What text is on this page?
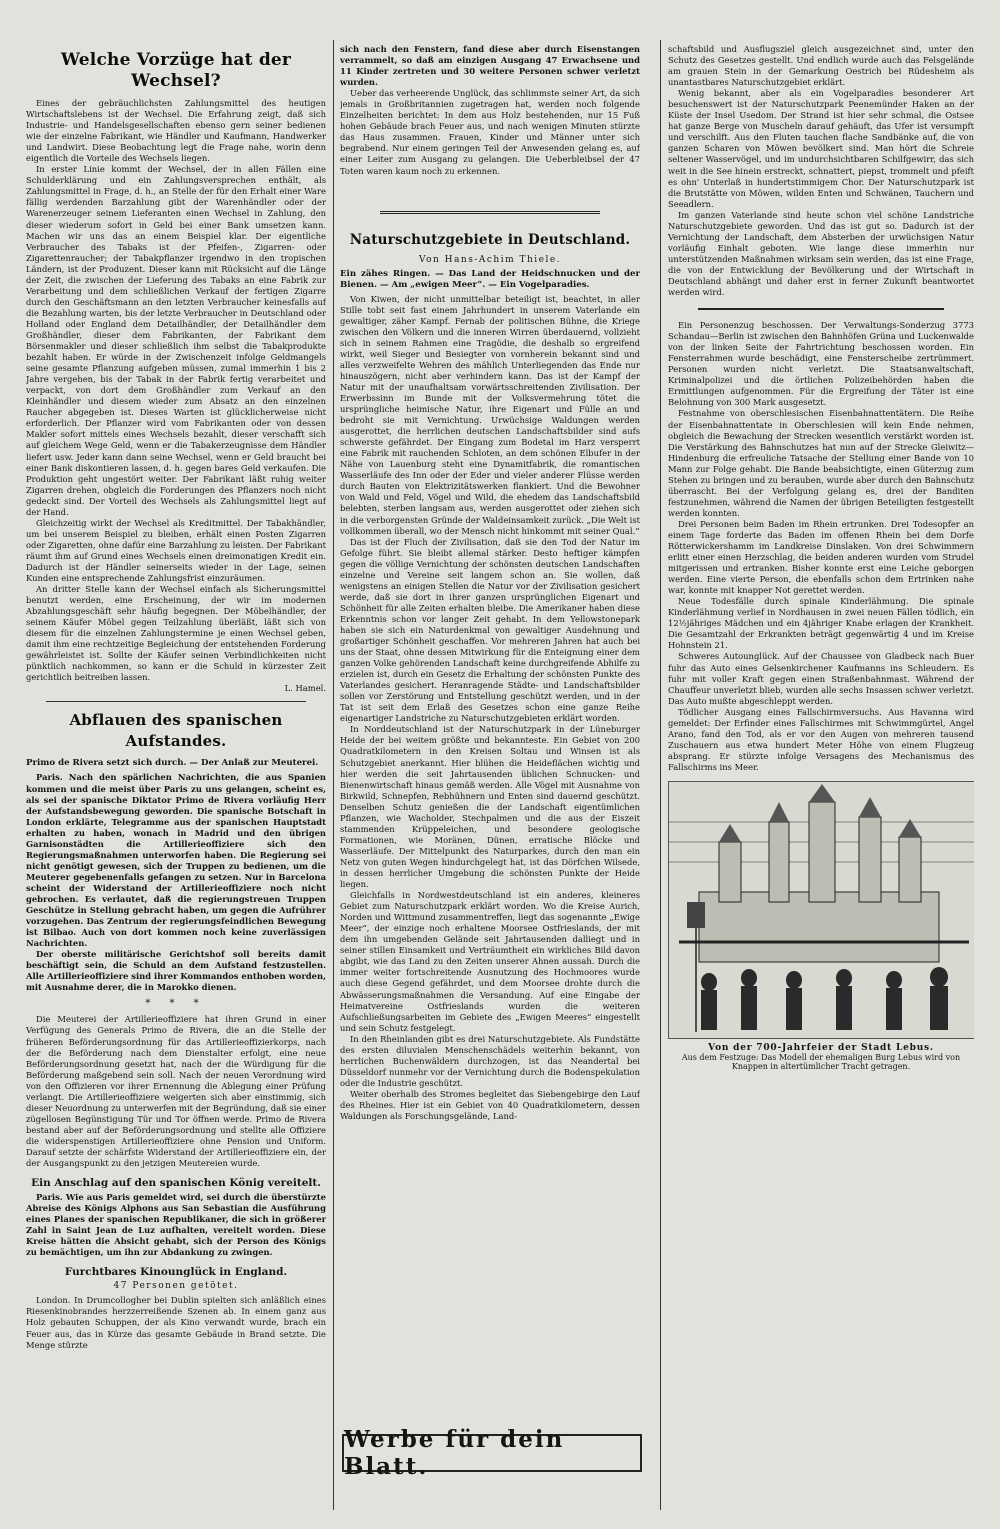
Welche Vorzüge hat der Wechsel?

Eines der gebräuchlichsten Zahlungsmittel des heutigen Wirtschaftslebens ist der Wechsel. Die Erfahrung zeigt, daß sich Industrie- und Handelsgesellschaften ebenso gern seiner bedienen wie der einzelne Fabrikant, wie Händler und Kaufmann, Handwerker und Landwirt. Diese Beobachtung legt die Frage nahe, worin denn eigentlich die Vorteile des Wechsels liegen.

In erster Linie kommt der Wechsel, der in allen Fällen eine Schulderklärung und ein Zahlungsversprechen enthält, als Zahlungsmittel in Frage, d. h., an Stelle der für den Erhalt einer Ware fällig werdenden Barzahlung gibt der Warenhändler oder der Warenerzeuger seinem Lieferanten einen Wechsel in Zahlung, den dieser wiederum sofort in Geld bei einer Bank umsetzen kann. Machen wir uns das an einem Beispiel klar. Der eigentliche Verbraucher des Tabaks ist der Pfeifen-, Zigarren- oder Zigarettenraucher; der Tabakpflanzer irgendwo in den tropischen Ländern, ist der Produzent. Dieser kann mit Rücksicht auf die Länge der Zeit, die zwischen der Lieferung des Tabaks an eine Fabrik zur Verarbeitung und dem schließlichen Verkauf der fertigen Zigarre durch den Geschäftsmann an den letzten Verbraucher keinesfalls auf die Bezahlung warten, bis der letzte Verbraucher in Deutschland oder Holland oder England dem Detailhändler, der Detailhändler dem Großhändler, dieser dem Fabrikanten, der Fabrikant dem Börsenmakler und dieser schließlich ihm selbst die Tabakprodukte bezahlt haben. Er würde in der Zwischenzeit infolge Geldmangels seine gesamte Pflanzung aufgeben müssen, zumal immerhin 1 bis 2 Jahre vergehen, bis der Tabak in der Fabrik fertig verarbeitet und verpackt, von dort dem Großhändler zum Verkauf an den Kleinhändler und diesem wieder zum Absatz an den einzelnen Raucher abgegeben ist. Dieses Warten ist glücklicherweise nicht erforderlich. Der Pflanzer wird vom Fabrikanten oder von dessen Makler sofort mittels eines Wechsels bezahlt, dieser verschafft sich auf gleichem Wege Geld, wenn er die Tabakerzeugnisse dem Händler liefert usw. Jeder kann dann seine Wechsel, wenn er Geld braucht bei einer Bank diskontieren lassen, d. h. gegen bares Geld verkaufen. Die Produktion geht ungestört weiter. Der Fabrikant läßt ruhig weiter Zigarren drehen, obgleich die Forderungen des Pflanzers noch nicht gedeckt sind. Der Vorteil des Wechsels als Zahlungsmittel liegt auf der Hand.

Gleichzeitig wirkt der Wechsel als Kreditmittel. Der Tabakhändler, um bei unserem Beispiel zu bleiben, erhält einen Posten Zigarren oder Zigaretten, ohne dafür eine Barzahlung zu leisten. Der Fabrikant räumt ihm auf Grund eines Wechsels einen dreimonatigen Kredit ein. Dadurch ist der Händler seinerseits wieder in der Lage, seinen Kunden eine entsprechende Zahlungsfrist einzuräumen.

An dritter Stelle kann der Wechsel einfach als Sicherungsmittel benutzt werden, eine Erscheinung, der wir im modernen Abzahlungsgeschäft sehr häufig begegnen. Der Möbelhändler, der seinem Käufer Möbel gegen Teilzahlung überläßt, läßt sich von diesem für die einzelnen Zahlungstermine je einen Wechsel geben, damit ihm eine rechtzeitige Begleichung der entstehenden Forderung gewährleistet ist. Sollte der Käufer seinen Verbindlichkeiten nicht pünktlich nachkommen, so kann er die Schuld in kürzester Zeit gerichtlich beitreiben lassen.

L. Hamel.
Abflauen des spanischen Aufstandes.

Primo de Rivera setzt sich durch. — Der Anlaß zur Meuterei.

Paris. Nach den spärlichen Nachrichten, die aus Spanien kommen und die meist über Paris zu uns gelangen, scheint es, als sei der spanische Diktator Primo de Rivera vorläufig Herr der Aufstandsbewegung geworden. Die spanische Botschaft in London erklärte, Telegramme aus der spanischen Hauptstadt erhalten zu haben, wonach in Madrid und den übrigen Garnisonstädten die Artillerieoffiziere sich den Regierungsmaßnahmen unterworfen haben. Die Regierung sei nicht genötigt gewesen, sich der Truppen zu bedienen, um die Meuterer gegebenenfalls gefangen zu setzen. Nur in Barcelona scheint der Widerstand der Artillerieoffiziere noch nicht gebrochen. Es verlautet, daß die regierungstreuen Truppen Geschütze in Stellung gebracht haben, um gegen die Aufrührer vorzugehen. Das Zentrum der regierungsfeindlichen Bewegung ist Bilbao. Auch von dort kommen noch keine zuverlässigen Nachrichten.

Der oberste militärische Gerichtshof soll bereits damit beschäftigt sein, die Schuld an dem Aufstand festzustellen. Alle Artillerieoffiziere sind ihrer Kommandos enthoben worden, mit Ausnahme derer, die in Marokko dienen.

* * *

Die Meuterei der Artillerieoffiziere hat ihren Grund in einer Verfügung des Generals Primo de Rivera, die an die Stelle der früheren Beförderungsordnung für das Artillerieoffizierkorps, nach der die Beförderung nach dem Dienstalter erfolgt, eine neue Beförderungsordnung gesetzt hat, nach der die Würdigung für die Beförderung maßgebend sein soll. Nach der neuen Verordnung wird von den Offizieren vor ihrer Ernennung die Ablegung einer Prüfung verlangt. Die Artillerieoffiziere weigerten sich aber einstimmig, sich dieser Neuordnung zu unterwerfen mit der Begründung, daß sie einer zügellosen Begünstigung Tür und Tor öffnen werde. Primo de Rivera bestand aber auf der Beförderungsordnung und stellte alle Offiziere die widerspenstigen Artillerieoffiziere ohne Pension und Uniform. Darauf setzte der schärfste Widerstand der Artillerieoffiziere ein, der der Ausgangspunkt zu den jetzigen Meutereien wurde.

Ein Anschlag auf den spanischen König vereitelt.

Paris. Wie aus Paris gemeldet wird, sei durch die überstürzte Abreise des Königs Alphons aus San Sebastian die Ausführung eines Planes der spanischen Republikaner, die sich in größerer Zahl in Saint Jean de Luz aufhalten, vereitelt worden. Diese Kreise hätten die Absicht gehabt, sich der Person des Königs zu bemächtigen, um ihn zur Abdankung zu zwingen.

Furchtbares Kinounglück in England.
47 Personen getötet.

London. In Drumcollogher bei Dublin spielten sich anläßlich eines Riesenkinobrandes herzzerreißende Szenen ab. In einem ganz aus Holz gebauten Schuppen, der als Kino verwandt wurde, brach ein Feuer aus, das in Kürze das gesamte Gebäude in Brand setzte. Die Menge stürzte

sich nach den Fenstern, fand diese aber durch Eisenstangen verrammelt, so daß am einzigen Ausgang 47 Erwachsene und 11 Kinder zertreten und 30 weitere Personen schwer verletzt wurden.

Ueber das verheerende Unglück, das schlimmste seiner Art, da sich jemals in Großbritannien zugetragen hat, werden noch folgende Einzelheiten berichtet: In dem aus Holz bestehenden, nur 15 Fuß hohen Gebäude brach Feuer aus, und nach wenigen Minuten stürzte das Haus zusammen. Frauen, Kinder und Männer unter sich begrabend. Nur einem geringen Teil der Anwesenden gelang es, auf einer Leiter zum Ausgang zu gelangen. Die Ueberbleibsel der 47 Toten waren kaum noch zu erkennen.

Naturschutzgebiete in Deutschland.
Von Hans-Achim Thiele.

Ein zähes Ringen. — Das Land der Heidschnucken und der Bienen. — Am „ewigen Meer“. — Ein Vogelparadies.

Von Kiwen, der nicht unmittelbar beteiligt ist, beachtet, in aller Stille tobt seit fast einem Jahrhundert in unserem Vaterlande ein gewaltiger, zäher Kampf. Fernab der politischen Bühne, die Kriege zwischen den Völkern und die inneren Wirren überdauernd, vollzieht sich in seinem Rahmen eine Tragödie, die deshalb so ergreifend wirkt, weil Sieger und Besiegter von vornherein bekannt sind und alles verzweifelte Wehren des mählich Unterliegenden das Ende nur hinauszögern, nicht aber verhindern kann. Das ist der Kampf der Natur mit der unaufhaltsam vorwärtsschreitenden Zivilisation. Der Erwerbssinn im Bunde mit der Volksvermehrung tötet die ursprüngliche heimische Natur, ihre Eigenart und Fülle an und bedroht sie mit Vernichtung. Urwüchsige Waldungen werden ausgerottet, die herrlichen deutschen Landschaftsbilder sind aufs schwerste gefährdet. Der Eingang zum Bodetal im Harz versperrt eine Fabrik mit rauchenden Schloten, an dem schönen Elbufer in der Nähe von Lauenburg steht eine Dynamitfabrik, die romantischen Wasserläufe des Inn oder der Eder und vieler anderer Flüsse werden durch Bauten von Elektrizitätswerken flankiert. Und die Bewohner von Wald und Feld, Vögel und Wild, die ehedem das Landschaftsbild belebten, sterben langsam aus, werden ausgerottet oder ziehen sich in die verborgensten Gründe der Waldeinsamkeit zurück. „Die Welt ist vollkommen überall, wo der Mensch nicht hinkommt mit seiner Qual.“

Das ist der Fluch der Zivilisation, daß sie den Tod der Natur im Gefolge führt. Sie bleibt allemal stärker. Desto heftiger kämpfen gegen die völlige Vernichtung der schönsten deutschen Landschaften einzelne und Vereine seit langem schon an. Sie wollen, daß wenigstens an einigen Stellen die Natur vor der Zivilisation gesichert werde, daß sie dort in ihrer ganzen ursprünglichen Eigenart und Schönheit für alle Zeiten erhalten bleibe. Die Amerikaner haben diese Erkenntnis schon vor langer Zeit gehabt. In dem Yellowstonepark haben sie sich ein Naturdenkmal von gewaltiger Ausdehnung und großartiger Schönheit geschaffen. Vor mehreren Jahren hat auch bei uns der Staat, ohne dessen Mitwirkung für die Enteignung einer dem ganzen Volke gehörenden Landschaft keine durchgreifende Abhilfe zu erzielen ist, durch ein Gesetz die Erhaltung der schönsten Punkte des Vaterlandes gesichert. Heranragende Städte- und Landschaftsbilder sollen vor Zerstörung und Entstellung geschützt werden, und in der Tat ist seit dem Erlaß des Gesetzes schon eine ganze Reihe eigenartiger Landstriche zu Naturschutzgebieten erklärt worden.

In Norddeutschland ist der Naturschutzpark in der Lüneburger Heide der bei weitem größte und bekannteste. Ein Gebiet von 200 Quadratkilometern in den Kreisen Soltau und Winsen ist als Schutzgebiet anerkannt. Hier blühen die Heideflächen wichtig und hier werden die seit Jahrtausenden üblichen Schnucken- und Bienenwirtschaft hinaus gemäß werden. Alle Vögel mit Ausnahme von Birkwild, Schnepfen, Rebhühnern und Enten sind dauernd geschützt. Denselben Schutz genießen die der Landschaft eigentümlichen Pflanzen, wie Wacholder, Stechpalmen und die aus der Eiszeit stammenden Krüppeleichen, und besondere geologische Formationen, wie Moränen, Dünen, erratische Blöcke und Wasserläufe. Der Mittelpunkt des Naturparkes, durch den man ein Netz von guten Wegen hindurchgelegt hat, ist das Dörfchen Wilsede, in dessen herrlicher Umgebung die schönsten Punkte der Heide liegen.

Gleichfalls in Nordwestdeutschland ist ein anderes, kleineres Gebiet zum Naturschutzpark erklärt worden. Wo die Kreise Aurich, Norden und Wittmund zusammentreffen, liegt das sogenannte „Ewige Meer“, der einzige noch erhaltene Moorsee Ostfrieslands, der mit dem ihn umgebenden Gelände seit Jahrtausenden dalliegt und in seiner stillen Einsamkeit und Verträumtheit ein wirkliches Bild davon abgibt, wie das Land zu den Zeiten unserer Ahnen aussah. Durch die immer weiter fortschreitende Ausnutzung des Hochmoores wurde auch diese Gegend gefährdet, und dem Moorsee drohte durch die Abwässerungsmaßnahmen die Versandung. Auf eine Eingabe der Heimatvereine Ostfrieslands wurden die weiteren Aufschließungsarbeiten im Gebiete des „Ewigen Meeres“ eingestellt und sein Schutz festgelegt.

In den Rheinlanden gibt es drei Naturschutzgebiete. Als Fundstätte des ersten diluvialen Menschenschädels weiterhin bekannt, von herrlichen Buchenwäldern durchzogen, ist das Neandertal bei Düsseldorf nunmehr vor der Vernichtung durch die Bodenspekulation oder die Industrie geschützt.

Weiter oberhalb des Stromes begleitet das Siebengebirge den Lauf des Rheines. Hier ist ein Gebiet von 40 Quadratkilometern, dessen Waldungen als Forschungsgelände, Land-

Werbe für dein Blatt.

schaftsbild und Ausflugsziel gleich ausgezeichnet sind, unter den Schutz des Gesetzes gestellt. Und endlich wurde auch das Felsgelände am grauen Stein in der Gemarkung Oestrich bei Rüdesheim als unantastbares Naturschutzgebiet erklärt.

Wenig bekannt, aber als ein Vogelparadies besonderer Art besuchenswert ist der Naturschutzpark Peenemünder Haken an der Küste der Insel Usedom. Der Strand ist hier sehr schmal, die Ostsee hat ganze Berge von Muscheln darauf gehäuft, das Ufer ist versumpft und verschilft. Aus den Fluten tauchen flache Sandbänke auf, die von ganzen Scharen von Möwen bevölkert sind. Man hört die Schreie seltener Wasservögel, und im undurchsichtbaren Schilfgewirr, das sich weit in die See hinein erstreckt, schnattert, piepst, trommelt und pfeift es ohn' Unterlaß in hundertstimmigem Chor. Der Naturschutzpark ist die Brutstätte von Möwen, wilden Enten und Schwänen, Tauchern und Seeadlern.

Im ganzen Vaterlande sind heute schon viel schöne Landstriche Naturschutzgebiete geworden. Und das ist gut so. Dadurch ist der Vernichtung der Landschaft, dem Absterben der urwüchsigen Natur vorläufig Einhalt geboten. Wie lange diese immerhin nur unterstützenden Maßnahmen wirksam sein werden, das ist eine Frage, die von der Entwicklung der Bevölkerung und der Wirtschaft in Deutschland abhängt und daher erst in ferner Zukunft beantwortet werden wird.

Ein Personenzug beschossen. Der Verwaltungs-Sonderzug 3773 Schandau—Berlin ist zwischen den Bahnhöfen Grüna und Luckenwalde von der linken Seite der Fahrtrichtung beschossen worden. Ein Fensterrahmen wurde beschädigt, eine Fensterscheibe zertrümmert. Personen wurden nicht verletzt. Die Staatsanwaltschaft, Kriminalpolizei und die örtlichen Polizeibehörden haben die Ermittlungen aufgenommen. Für die Ergreifung der Täter ist eine Belohnung von 300 Mark ausgesetzt.

Festnahme von oberschlesischen Eisenbahnattentätern. Die Reihe der Eisenbahnattentate in Oberschlesien will kein Ende nehmen, obgleich die Bewachung der Strecken wesentlich verstärkt worden ist. Die Verstärkung des Bahnschutzes hat nun auf der Strecke Gleiwitz—Hindenburg die erfreuliche Tatsache der Stellung einer Bande von 10 Mann zur Folge gehabt. Die Bande beabsichtigte, einen Güterzug zum Stehen zu bringen und zu berauben, wurde aber durch den Bahnschutz überrascht. Bei der Verfolgung gelang es, drei der Banditen festzunehmen, während die Namen der übrigen Beteiligten festgestellt werden konnten.

Drei Personen beim Baden im Rhein ertrunken. Drei Todesopfer an einem Tage forderte das Baden im offenen Rhein bei dem Dorfe Rötterwickershamm im Landkreise Dinslaken. Von drei Schwimmern erlitt einer einen Herzschlag, die beiden anderen wurden vom Strudel mitgerissen und ertranken. Bisher konnte erst eine Leiche geborgen werden. Eine vierte Person, die ebenfalls schon dem Ertrinken nahe war, konnte mit knapper Not gerettet werden.

Neue Todesfälle durch spinale Kinderlähmung. Die spinale Kinderlähmung verlief in Nordhausen in zwei neuen Fällen tödlich, ein 12½jähriges Mädchen und ein 4jähriger Knabe erlagen der Krankheit. Die Gesamtzahl der Erkrankten beträgt gegenwärtig 4 und im Kreise Hohnstein 21.

Schweres Autounglück. Auf der Chaussee von Gladbeck nach Buer fuhr das Auto eines Gelsenkirchener Kaufmanns ins Schleudern. Es fuhr mit voller Kraft gegen einen Straßenbahnmast. Während der Chauffeur unverletzt blieb, wurden alle sechs Insassen schwer verletzt. Das Auto mußte abgeschleppt werden.

Tödlicher Ausgang eines Fallschirmversuchs. Aus Havanna wird gemeldet: Der Erfinder eines Fallschirmes mit Schwimmgürtel, Angel Arano, fand den Tod, als er vor den Augen von mehreren tausend Zuschauern aus etwa hundert Meter Höhe von einem Flugzeug absprang. Er stürzte infolge Versagens des Mechanismus des Fallschirms ins Meer.

Von der 700-Jahrfeier der Stadt Lebus.
Aus dem Festzuge: Das Modell der ehemaligen Burg Lebus wird von Knappen in altertümlicher Tracht getragen.
